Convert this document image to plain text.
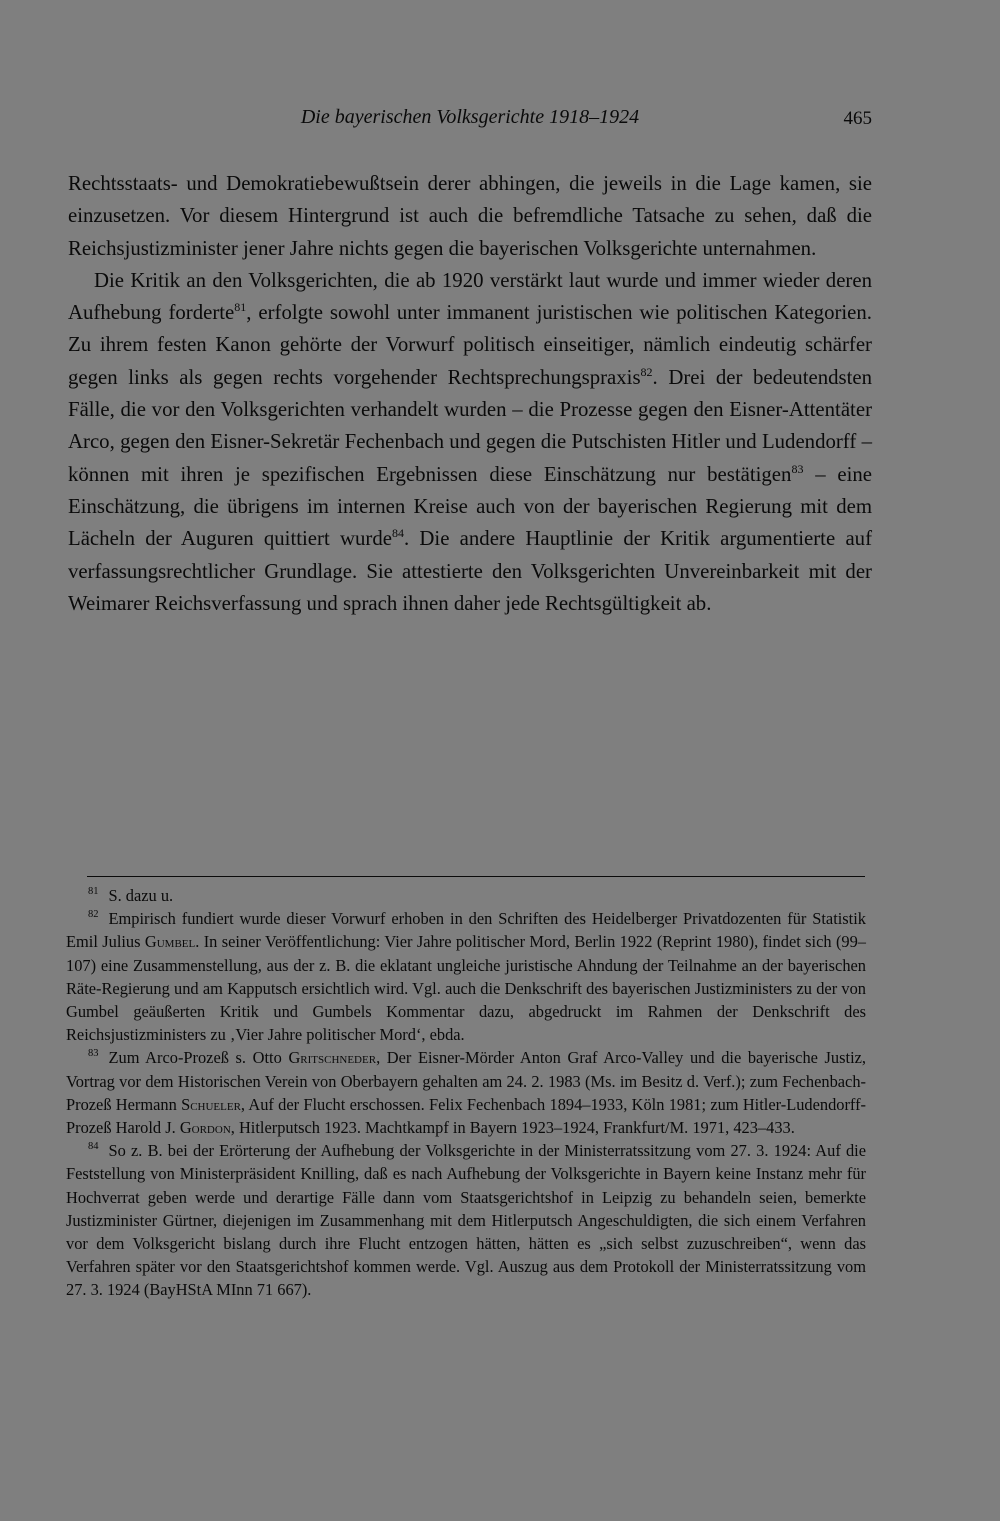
Die bayerischen Volksgerichte 1918–1924	465

Rechtsstaats- und Demokratiebewußtsein derer abhingen, die jeweils in die Lage kamen, sie einzusetzen. Vor diesem Hintergrund ist auch die befremdliche Tatsache zu sehen, daß die Reichsjustizminister jener Jahre nichts gegen die bayerischen Volksgerichte unternahmen.

Die Kritik an den Volksgerichten, die ab 1920 verstärkt laut wurde und immer wieder deren Aufhebung forderte$^{81}$, erfolgte sowohl unter immanent juristischen wie politischen Kategorien. Zu ihrem festen Kanon gehörte der Vorwurf politisch einseitiger, nämlich eindeutig schärfer gegen links als gegen rechts vorgehender Rechtsprechungspraxis$^{82}$. Drei der bedeutendsten Fälle, die vor den Volksgerichten verhandelt wurden – die Prozesse gegen den Eisner-Attentäter Arco, gegen den Eisner-Sekretär Fechenbach und gegen die Putschisten Hitler und Ludendorff – können mit ihren je spezifischen Ergebnissen diese Einschätzung nur bestätigen$^{83}$ – eine Einschätzung, die übrigens im internen Kreise auch von der bayerischen Regierung mit dem Lächeln der Auguren quittiert wurde$^{84}$. Die andere Hauptlinie der Kritik argumentierte auf verfassungsrechtlicher Grundlage. Sie attestierte den Volksgerichten Unvereinbarkeit mit der Weimarer Reichsverfassung und sprach ihnen daher jede Rechtsgültigkeit ab.

$^{81}$ S. dazu u.

$^{82}$ Empirisch fundiert wurde dieser Vorwurf erhoben in den Schriften des Heidelberger Privatdozenten für Statistik Emil Julius Gumbel. In seiner Veröffentlichung: Vier Jahre politischer Mord, Berlin 1922 (Reprint 1980), findet sich (99–107) eine Zusammenstellung, aus der z. B. die eklatant ungleiche juristische Ahndung der Teilnahme an der bayerischen Räte-Regierung und am Kapputsch ersichtlich wird. Vgl. auch die Denkschrift des bayerischen Justizministers zu der von Gumbel geäußerten Kritik und Gumbels Kommentar dazu, abgedruckt im Rahmen der Denkschrift des Reichsjustizministers zu ‚Vier Jahre politischer Mord‘, ebda.

$^{83}$ Zum Arco-Prozeß s. Otto Gritschneder, Der Eisner-Mörder Anton Graf Arco-Valley und die bayerische Justiz, Vortrag vor dem Historischen Verein von Oberbayern gehalten am 24. 2. 1983 (Ms. im Besitz d. Verf.); zum Fechenbach-Prozeß Hermann Schueler, Auf der Flucht erschossen. Felix Fechenbach 1894–1933, Köln 1981; zum Hitler-Ludendorff-Prozeß Harold J. Gordon, Hitlerputsch 1923. Machtkampf in Bayern 1923–1924, Frankfurt/M. 1971, 423–433.

$^{84}$ So z. B. bei der Erörterung der Aufhebung der Volksgerichte in der Ministerratssitzung vom 27. 3. 1924: Auf die Feststellung von Ministerpräsident Knilling, daß es nach Aufhebung der Volksgerichte in Bayern keine Instanz mehr für Hochverrat geben werde und derartige Fälle dann vom Staatsgerichtshof in Leipzig zu behandeln seien, bemerkte Justizminister Gürtner, diejenigen im Zusammenhang mit dem Hitlerputsch Angeschuldigten, die sich einem Verfahren vor dem Volksgericht bislang durch ihre Flucht entzogen hätten, hätten es „sich selbst zuzuschreiben“, wenn das Verfahren später vor den Staatsgerichtshof kommen werde. Vgl. Auszug aus dem Protokoll der Ministerratssitzung vom 27. 3. 1924 (BayHStA MInn 71 667).
